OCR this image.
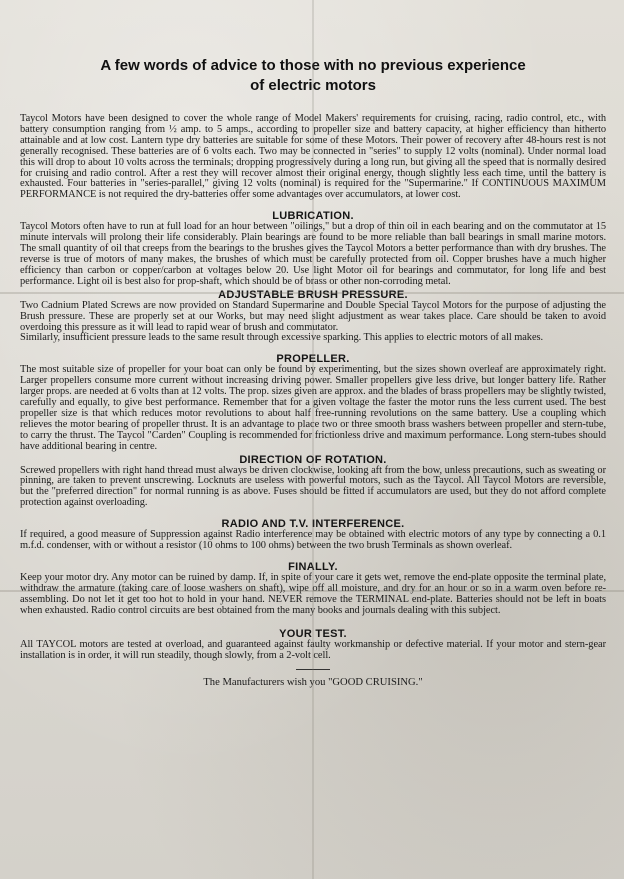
A few words of advice to those with no previous experience
of electric motors

Taycol Motors have been designed to cover the whole range of Model Makers' requirements for cruising, racing, radio control, etc., with battery consumption ranging from ½ amp. to 5 amps., according to propeller size and battery capacity, at higher efficiency than hitherto attainable and at low cost. Lantern type dry batteries are suitable for some of these Motors. Their power of recovery after 48-hours rest is not generally recognised. These batteries are of 6 volts each. Two may be connected in "series" to supply 12 volts (nominal). Under normal load this will drop to about 10 volts across the terminals; dropping progressively during a long run, but giving all the speed that is normally desired for cruising and radio control. After a rest they will recover almost their original energy, though slightly less each time, until the battery is exhausted. Four batteries in "series-parallel," giving 12 volts (nominal) is required for the "Supermarine." If CONTINUOUS MAXIMUM PERFORMANCE is not required the dry-batteries offer some advantages over accumulators, at lower cost.

LUBRICATION.

Taycol Motors often have to run at full load for an hour between "oilings," but a drop of thin oil in each bearing and on the commutator at 15 minute intervals will prolong their life considerably. Plain bearings are found to be more reliable than ball bearings in small marine motors. The small quantity of oil that creeps from the bearings to the brushes gives the Taycol Motors a better performance than with dry brushes. The reverse is true of motors of many makes, the brushes of which must be carefully protected from oil. Copper brushes have a much higher efficiency than carbon or copper/carbon at voltages below 20. Use light Motor oil for bearings and commutator, for long life and best performance. Light oil is best also for prop-shaft, which should be of brass or other non-corroding metal.

ADJUSTABLE BRUSH PRESSURE.

Two Cadnium Plated Screws are now provided on Standard Supermarine and Double Special Taycol Motors for the purpose of adjusting the Brush pressure. These are properly set at our Works, but may need slight adjustment as wear takes place. Care should be taken to avoid overdoing this pressure as it will lead to rapid wear of brush and commutator.

Similarly, insufficient pressure leads to the same result through excessive sparking. This applies to electric motors of all makes.

PROPELLER.

The most suitable size of propeller for your boat can only be found by experimenting, but the sizes shown overleaf are approximately right. Larger propellers consume more current without increasing driving power. Smaller propellers give less drive, but longer battery life. Rather larger props. are needed at 6 volts than at 12 volts. The prop. sizes given are approx. and the blades of brass propellers may be slightly twisted, carefully and equally, to give best performance. Remember that for a given voltage the faster the motor runs the less current used. The best propeller size is that which reduces motor revolutions to about half free-running revolutions on the same battery. Use a coupling which relieves the motor bearing of propeller thrust. It is an advantage to place two or three smooth brass washers between propeller and stern-tube, to carry the thrust. The Taycol "Carden" Coupling is recommended for frictionless drive and maximum performance. Long stern-tubes should have additional bearing in centre.

DIRECTION OF ROTATION.

Screwed propellers with right hand thread must always be driven clockwise, looking aft from the bow, unless precautions, such as sweating or pinning, are taken to prevent unscrewing. Locknuts are useless with powerful motors, such as the Taycol. All Taycol Motors are reversible, but the "preferred direction" for normal running is as above. Fuses should be fitted if accumulators are used, but they do not afford complete protection against overloading.

RADIO AND T.V. INTERFERENCE.

If required, a good measure of Suppression against Radio interference may be obtained with electric motors of any type by connecting a 0.1 m.f.d. condenser, with or without a resistor (10 ohms to 100 ohms) between the two brush Terminals as shown overleaf.

FINALLY.

Keep your motor dry. Any motor can be ruined by damp. If, in spite of your care it gets wet, remove the end-plate opposite the terminal plate, withdraw the armature (taking care of loose washers on shaft), wipe off all moisture, and dry for an hour or so in a warm oven before re-assembling. Do not let it get too hot to hold in your hand. NEVER remove the TERMINAL end-plate. Batteries should not be left in boats when exhausted. Radio control circuits are best obtained from the many books and journals dealing with this subject.

YOUR TEST.

All TAYCOL motors are tested at overload, and guaranteed against faulty workmanship or defective material. If your motor and stern-gear installation is in order, it will run steadily, though slowly, from a 2-volt cell.

The Manufacturers wish you "GOOD CRUISING."
